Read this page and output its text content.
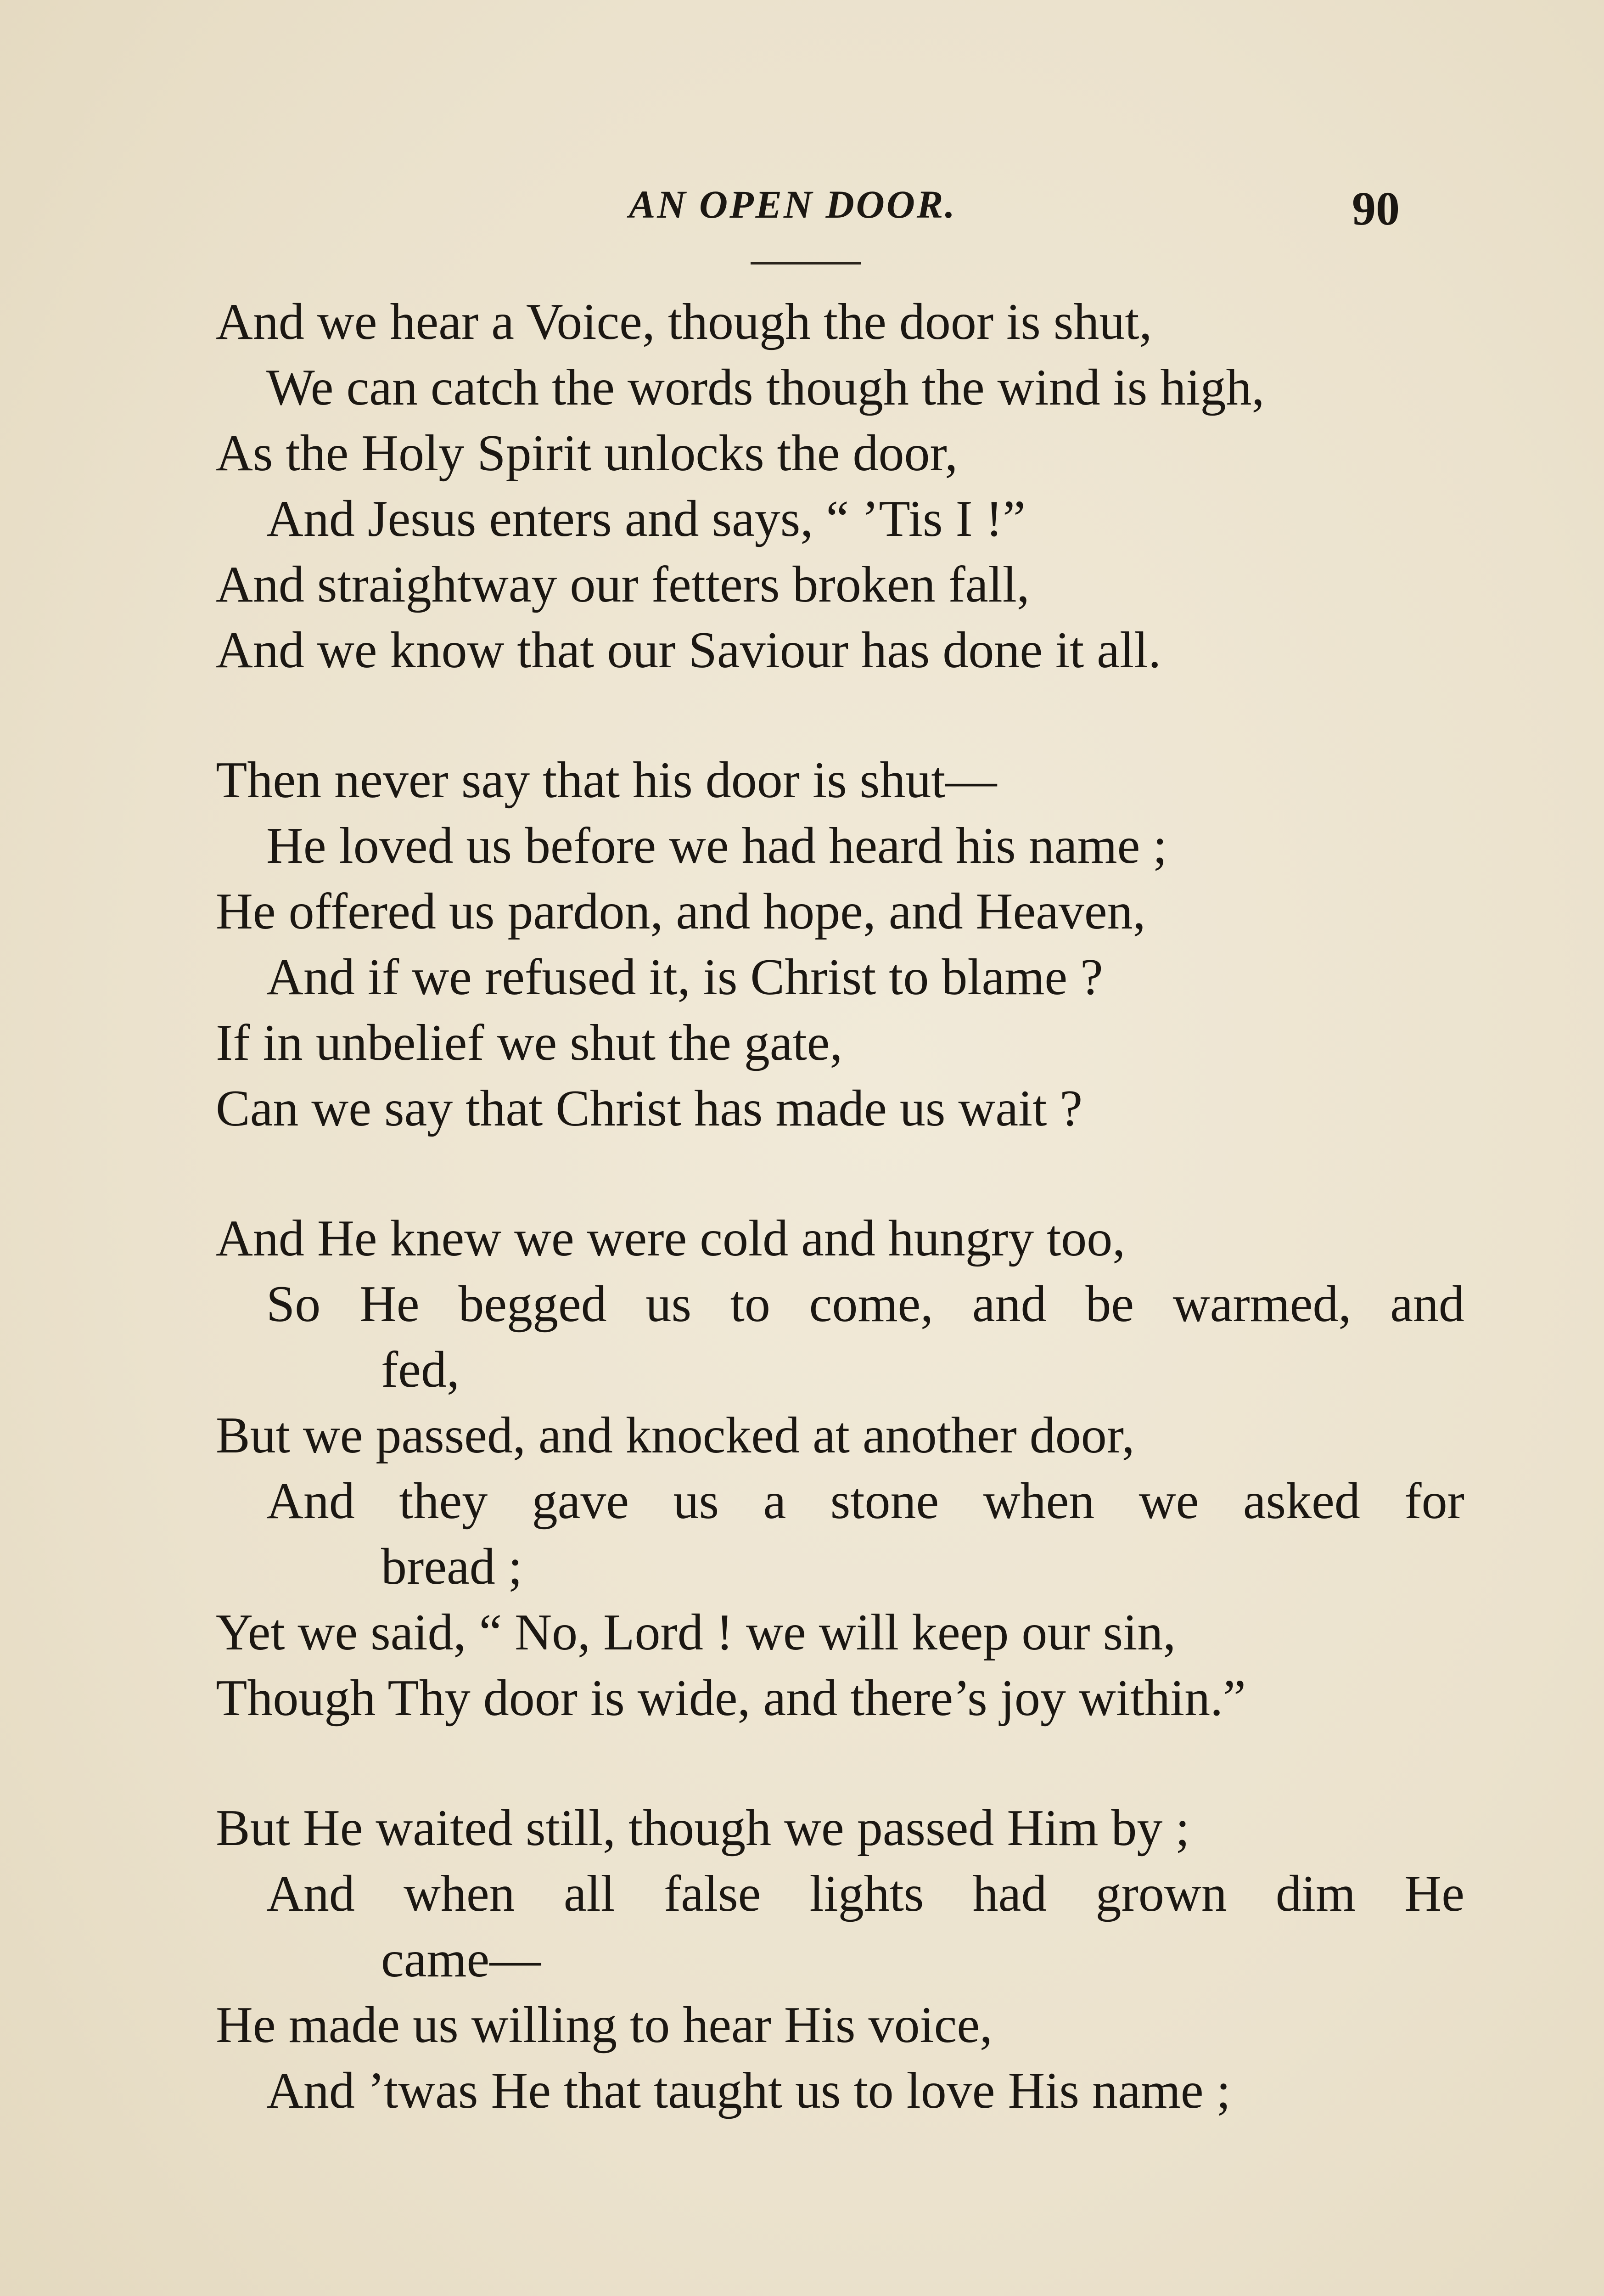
AN OPEN DOOR.	90
And we hear a Voice, though the door is shut,
We can catch the words though the wind is high,
As the Holy Spirit unlocks the door,
And Jesus enters and says, “ ’Tis I !”
And straightway our fetters broken fall,
And we know that our Saviour has done it all.
Then never say that his door is shut—
He loved us before we had heard his name ;
He offered us pardon, and hope, and Heaven,
And if we refused it, is Christ to blame ?
If in unbelief we shut the gate,
Can we say that Christ has made us wait ?
And He knew we were cold and hungry too,
So He begged us to come, and be warmed, and
fed,
But we passed, and knocked at another door,
And they gave us a stone when we asked for
bread ;
Yet we said, “ No, Lord ! we will keep our sin,
Though Thy door is wide, and there’s joy within.”
But He waited still, though we passed Him by ;
And when all false lights had grown dim He
came—
He made us willing to hear His voice,
And ’twas He that taught us to love His name ;
